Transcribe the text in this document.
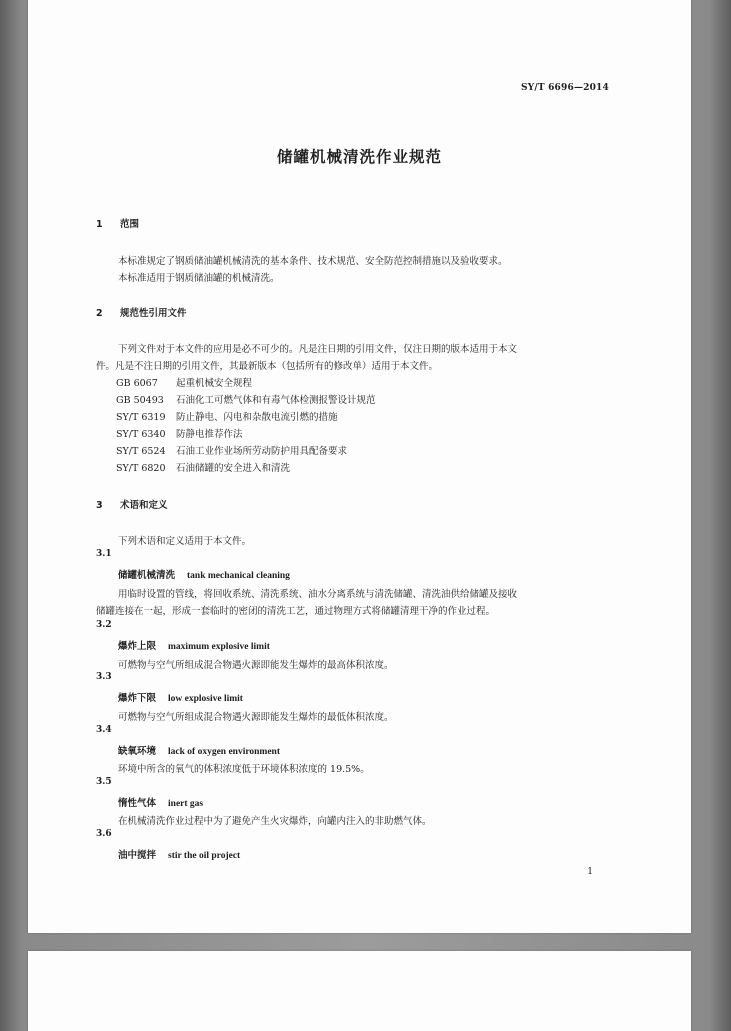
SY/T 6696—2014
储罐机械清洗作业规范
1 范围
本标准规定了钢质储油罐机械清洗的基本条件、技术规范、安全防范控制措施以及验收要求。
本标准适用于钢质储油罐的机械清洗。
2 规范性引用文件
下列文件对于本文件的应用是必不可少的。凡是注日期的引用文件，仅注日期的版本适用于本文
件。凡是不注日期的引用文件，其最新版本（包括所有的修改单）适用于本文件。
GB 6067 起重机械安全规程
GB 50493 石油化工可燃气体和有毒气体检测报警设计规范
SY/T 6319 防止静电、闪电和杂散电流引燃的措施
SY/T 6340 防静电推荐作法
SY/T 6524 石油工业作业场所劳动防护用具配备要求
SY/T 6820 石油储罐的安全进入和清洗
3 术语和定义
下列术语和定义适用于本文件。
3.1
储罐机械清洗 tank mechanical cleaning
用临时设置的管线，将回收系统、清洗系统、油水分离系统与清洗储罐、清洗油供给储罐及接收
储罐连接在一起，形成一套临时的密闭的清洗工艺，通过物理方式将储罐清理干净的作业过程。
3.2
爆炸上限 maximum explosive limit
可燃物与空气所组成混合物遇火源即能发生爆炸的最高体积浓度。
3.3
爆炸下限 low explosive limit
可燃物与空气所组成混合物遇火源即能发生爆炸的最低体积浓度。
3.4
缺氧环境 lack of oxygen environment
环境中所含的氧气的体积浓度低于环境体积浓度的 19.5%。
3.5
惰性气体 inert gas
在机械清洗作业过程中为了避免产生火灾爆炸，向罐内注入的非助燃气体。
3.6
油中搅拌 stir the oil project
1
